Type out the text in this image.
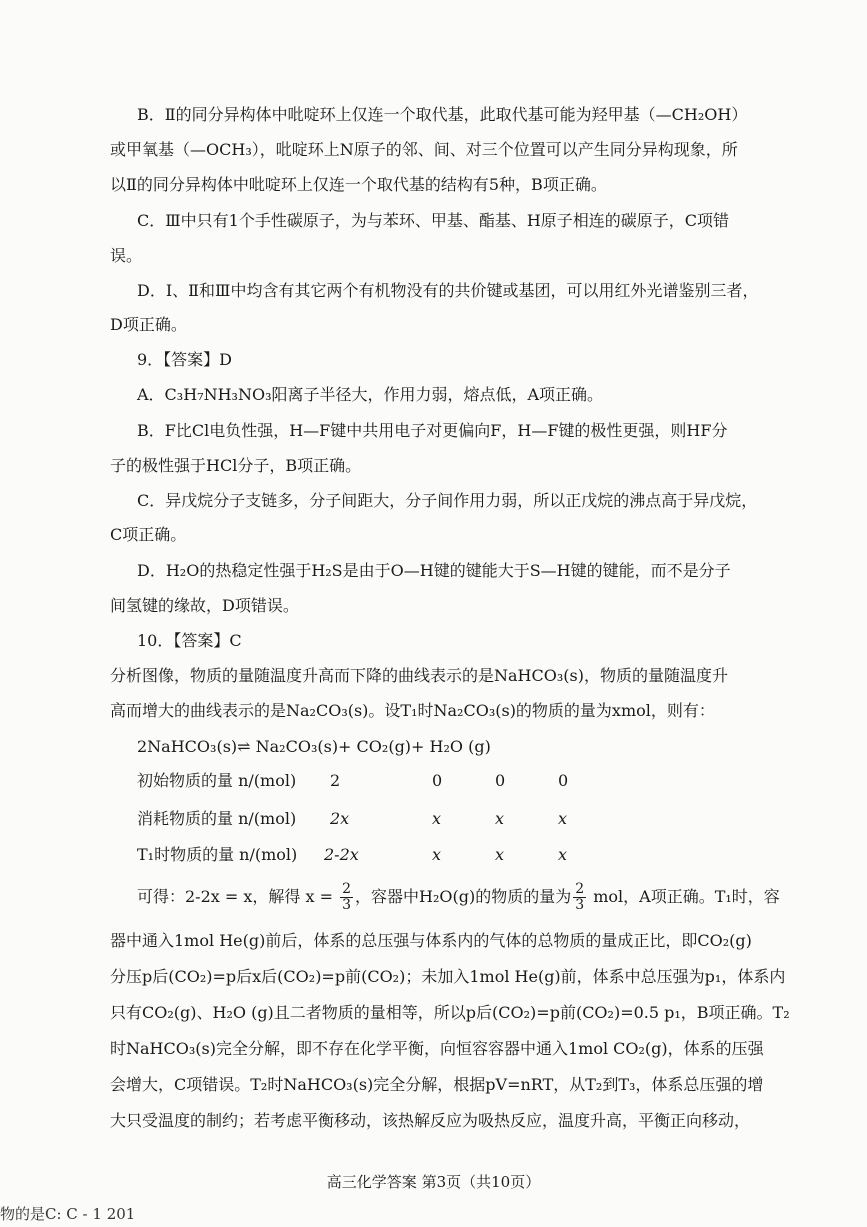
B．Ⅱ的同分异构体中吡啶环上仅连一个取代基，此取代基可能为羟甲基（—CH₂OH）
或甲氧基（—OCH₃），吡啶环上N原子的邻、间、对三个位置可以产生同分异构现象，所
以Ⅱ的同分异构体中吡啶环上仅连一个取代基的结构有5种，B项正确。
C．Ⅲ中只有1个手性碳原子，为与苯环、甲基、酯基、H原子相连的碳原子，C项错
误。
D．Ⅰ、Ⅱ和Ⅲ中均含有其它两个有机物没有的共价键或基团，可以用红外光谱鉴别三者，
D项正确。
9．【答案】D
A．C₃H₇NH₃NO₃阳离子半径大，作用力弱，熔点低，A项正确。
B．F比Cl电负性强，H—F键中共用电子对更偏向F，H—F键的极性更强，则HF分
子的极性强于HCl分子，B项正确。
C．异戊烷分子支链多，分子间距大，分子间作用力弱，所以正戊烷的沸点高于异戊烷，
C项正确。
D．H₂O的热稳定性强于H₂S是由于O—H键的键能大于S—H键的键能，而不是分子
间氢键的缘故，D项错误。
10．【答案】C
分析图像，物质的量随温度升高而下降的曲线表示的是NaHCO₃(s)，物质的量随温度升
高而增大的曲线表示的是Na₂CO₃(s)。设T₁时Na₂CO₃(s)的物质的量为xmol，则有：
2NaHCO₃(s)⇌ Na₂CO₃(s)+ CO₂(g)+ H₂O (g)
初始物质的量 n/(mol) 2	0	0	0
消耗物质的量 n/(mol) 2x	x	x	x
T₁时物质的量 n/(mol) 2-2x	x	x	x
可得：2-2x = x，解得 $x = \frac{2}{3}$ ，容器中H₂O(g)的物质的量为 $\frac{2}{3}$ mol，A项正确。T₁时，容
器中通入1mol He(g)前后，体系的总压强与体系内的气体的总物质的量成正比，即CO₂(g)
分压p后(CO₂)=p后x后(CO₂)=p前(CO₂)；未加入1mol He(g)前，体系中总压强为p₁，体系内
只有CO₂(g)、H₂O (g)且二者物质的量相等，所以p后(CO₂)=p前(CO₂)=0.5 p₁，B项正确。T₂
时NaHCO₃(s)完全分解，即不存在化学平衡，向恒容容器中通入1mol CO₂(g)，体系的压强
会增大，C项错误。T₂时NaHCO₃(s)完全分解，根据pV=nRT，从T₂到T₃，体系总压强的增
大只受温度的制约；若考虑平衡移动，该热解反应为吸热反应，温度升高，平衡正向移动，
高三化学答案 第3页（共10页）
物的是C: C - 1 201
